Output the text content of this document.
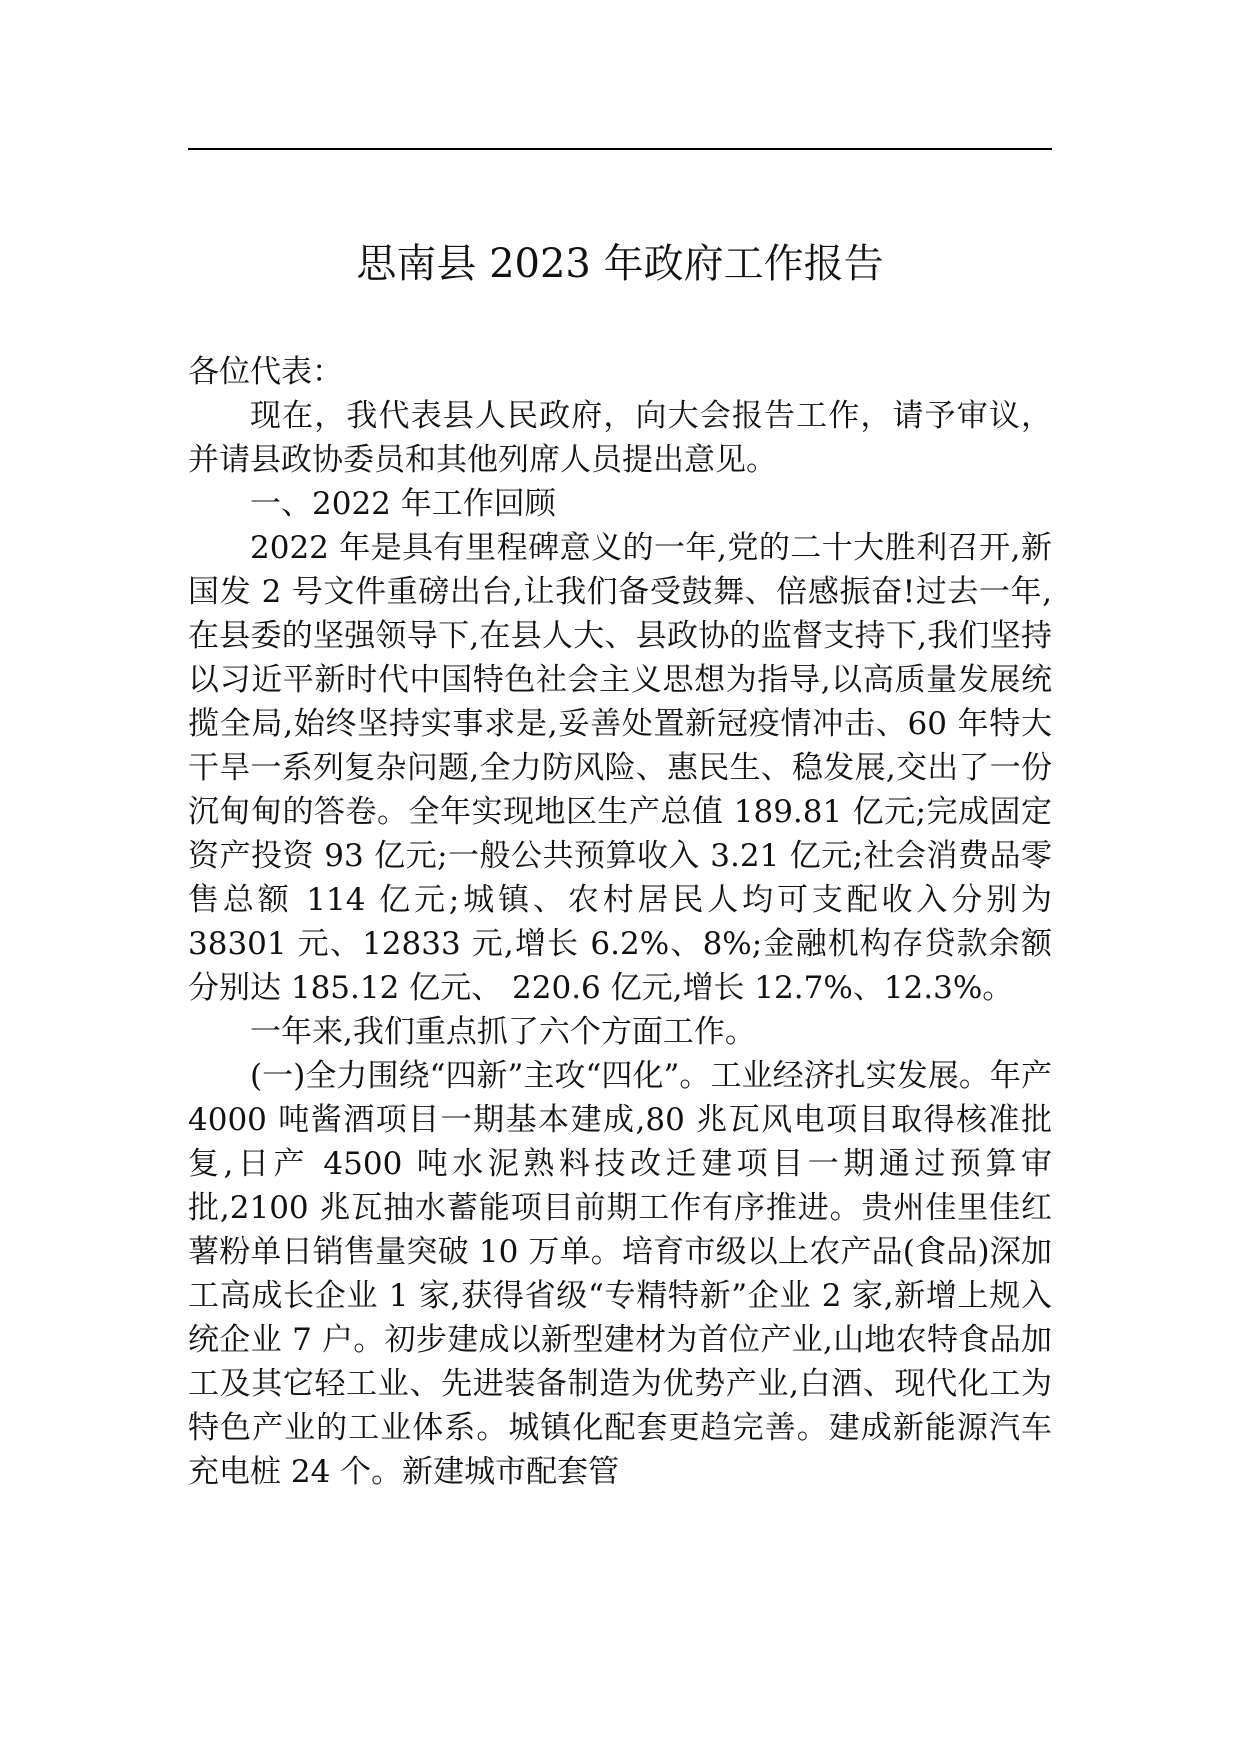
思南县 2023 年政府工作报告

各位代表：

现在，我代表县人民政府，向大会报告工作，请予审议，并请县政协委员和其他列席人员提出意见。

一、2022 年工作回顾

2022 年是具有里程碑意义的一年,党的二十大胜利召开,新国发 2 号文件重磅出台,让我们备受鼓舞、倍感振奋!过去一年,在县委的坚强领导下,在县人大、县政协的监督支持下,我们坚持以习近平新时代中国特色社会主义思想为指导,以高质量发展统揽全局,始终坚持实事求是,妥善处置新冠疫情冲击、60 年特大干旱一系列复杂问题,全力防风险、惠民生、稳发展,交出了一份沉甸甸的答卷。全年实现地区生产总值 189.81 亿元;完成固定资产投资 93 亿元;一般公共预算收入 3.21 亿元;社会消费品零售总额 114 亿元;城镇、农村居民人均可支配收入分别为 38301 元、12833 元,增长 6.2%、8%;金融机构存贷款余额分别达 185.12 亿元、 220.6 亿元,增长 12.7%、12.3%。

一年来,我们重点抓了六个方面工作。

(一)全力围绕“四新”主攻“四化”。工业经济扎实发展。年产 4000 吨酱酒项目一期基本建成,80 兆瓦风电项目取得核准批复,日产 4500 吨水泥熟料技改迁建项目一期通过预算审批,2100 兆瓦抽水蓄能项目前期工作有序推进。贵州佳里佳红薯粉单日销售量突破 10 万单。培育市级以上农产品(食品)深加工高成长企业 1 家,获得省级“专精特新”企业 2 家,新增上规入统企业 7 户。初步建成以新型建材为首位产业,山地农特食品加工及其它轻工业、先进装备制造为优势产业,白酒、现代化工为特色产业的工业体系。城镇化配套更趋完善。建成新能源汽车充电桩 24 个。新建城市配套管
